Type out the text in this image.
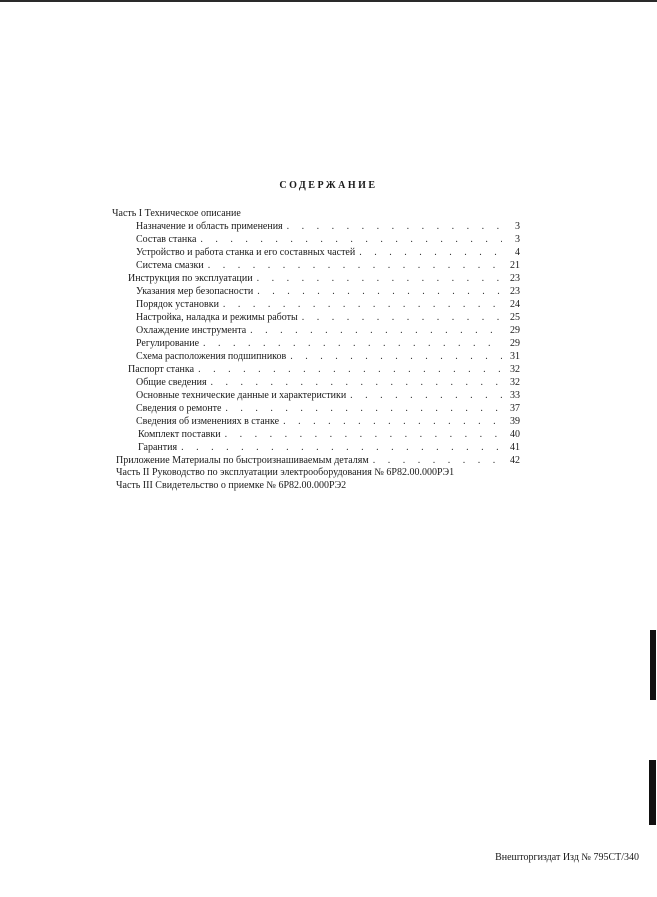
СОДЕРЖАНИЕ
Часть I Техническое описание
Назначение и область применения . . .	3
Состав станка . . .	3
Устройство и работа станка и его составных частей . . .	4
Система смазки . . .	21
Инструкция по эксплуатации . . .	23
Указания мер безопасности . . .	23
Порядок установки . . .	24
Настройка, наладка и режимы работы . . .	25
Охлаждение инструмента . . .	29
Регулирование . . .	29
Схема расположения подшипников . . .	31
Паспорт станка . . .	32
Общие сведения . . .	32
Основные технические данные и характеристики . . .	33
Сведения о ремонте . . .	37
Сведения об изменениях в станке . . .	39
Комплект поставки . . .	40
Гарантия . . .	41
Приложение Материалы по быстроизнашиваемым деталям . . .	42
Часть II Руководство по эксплуатации электрооборудования № 6Р82.00.000РЭ1
Часть III Свидетельство о приемке № 6Р82.00.000РЭ2
Внешторгиздат Изд № 795СТ/340
